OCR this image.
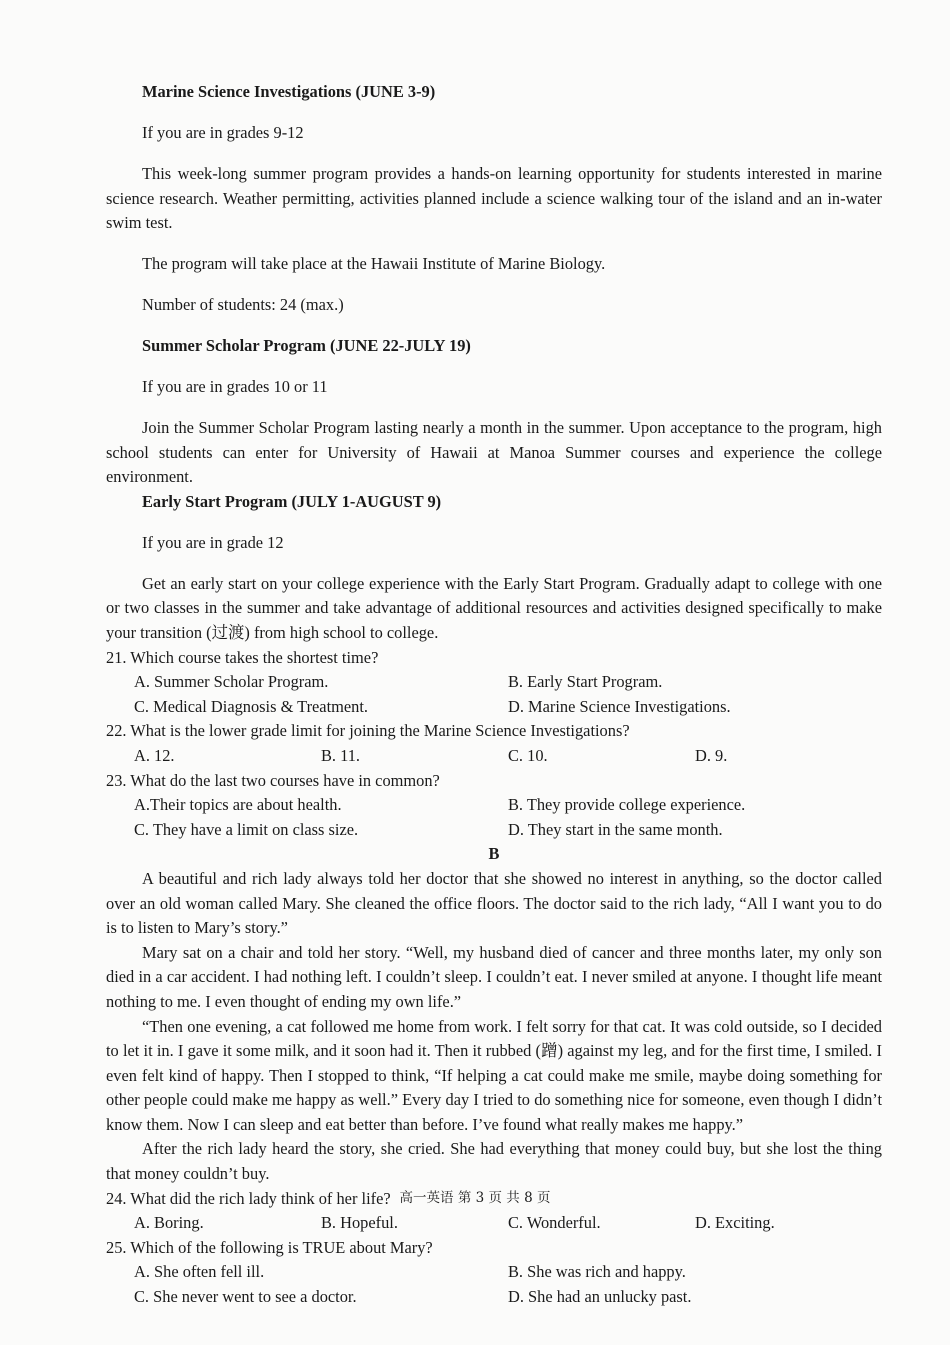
Marine Science Investigations (JUNE 3-9)

If you are in grades 9-12

This week-long summer program provides a hands-on learning opportunity for students interested in marine science research. Weather permitting, activities planned include a science walking tour of the island and an in-water swim test.

The program will take place at the Hawaii Institute of Marine Biology.

Number of students: 24 (max.)

Summer Scholar Program (JUNE 22-JULY 19)

If you are in grades 10 or 11

Join the Summer Scholar Program lasting nearly a month in the summer. Upon acceptance to the program, high school students can enter for University of Hawaii at Manoa Summer courses and experience the college environment.

Early Start Program (JULY 1-AUGUST 9)

If you are in grade 12

Get an early start on your college experience with the Early Start Program. Gradually adapt to college with one or two classes in the summer and take advantage of additional resources and activities designed specifically to make your transition (过渡) from high school to college.

21. Which course takes the shortest time?

A. Summer Scholar Program.	B. Early Start Program.
C. Medical Diagnosis & Treatment.	D. Marine Science Investigations.

22. What is the lower grade limit for joining the Marine Science Investigations?

A. 12.	B. 11.	C. 10.	D. 9.

23. What do the last two courses have in common?

A.Their topics are about health.	B. They provide college experience.
C. They have a limit on class size.	D. They start in the same month.

B

A beautiful and rich lady always told her doctor that she showed no interest in anything, so the doctor called over an old woman called Mary. She cleaned the office floors. The doctor said to the rich lady, “All I want you to do is to listen to Mary’s story.”

Mary sat on a chair and told her story. “Well, my husband died of cancer and three months later, my only son died in a car accident. I had nothing left. I couldn’t sleep. I couldn’t eat. I never smiled at anyone. I thought life meant nothing to me. I even thought of ending my own life.”

“Then one evening, a cat followed me home from work. I felt sorry for that cat. It was cold outside, so I decided to let it in. I gave it some milk, and it soon had it. Then it rubbed (蹭) against my leg, and for the first time, I smiled. I even felt kind of happy. Then I stopped to think, “If helping a cat could make me smile, maybe doing something for other people could make me happy as well.” Every day I tried to do something nice for someone, even though I didn’t know them. Now I can sleep and eat better than before. I’ve found what really makes me happy.”

After the rich lady heard the story, she cried. She had everything that money could buy, but she lost the thing that money couldn’t buy.

24. What did the rich lady think of her life?

A. Boring.	B. Hopeful.	C. Wonderful.	D. Exciting.

25. Which of the following is TRUE about Mary?

A. She often fell ill.	B. She was rich and happy.
C. She never went to see a doctor.	D. She had an unlucky past.
高一英语 第 3 页 共 8 页
